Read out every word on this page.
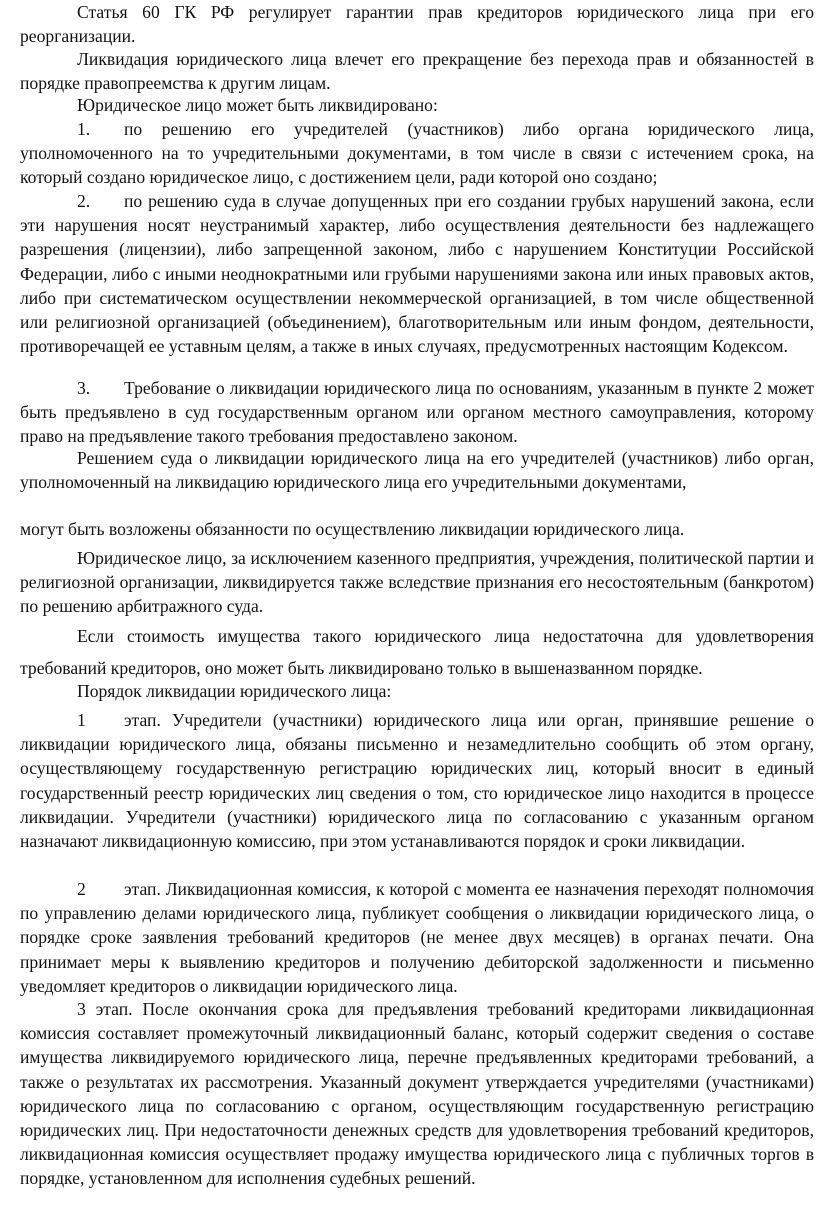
Статья 60 ГК РФ регулирует гарантии прав кредиторов юридического лица при его реорганизации.

Ликвидация юридического лица влечет его прекращение без перехода прав и обязанностей в порядке правопреемства к другим лицам.

Юридическое лицо может быть ликвидировано:

1. по решению его учредителей (участников) либо органа юридического лица, уполномоченного на то учредительными документами, в том числе в связи с истечением срока, на который создано юридическое лицо, с достижением цели, ради которой оно создано;

2. по решению суда в случае допущенных при его создании грубых нарушений закона, если эти нарушения носят неустранимый характер, либо осуществления деятельности без надлежащего разрешения (лицензии), либо запрещенной законом, либо с нарушением Конституции Российской Федерации, либо с иными неоднократными или грубыми нарушениями закона или иных правовых актов, либо при систематическом осуществлении некоммерческой организацией, в том числе общественной или религиозной организацией (объединением), благотворительным или иным фондом, деятельности, противоречащей ее уставным целям, а также в иных случаях, предусмотренных настоящим Кодексом.

3. Требование о ликвидации юридического лица по основаниям, указанным в пункте 2 может быть предъявлено в суд государственным органом или органом местного самоуправления, которому право на предъявление такого требования предоставлено законом.

Решением суда о ликвидации юридического лица на его учредителей (участников) либо орган, уполномоченный на ликвидацию юридического лица его учредительными документами,

могут быть возложены обязанности по осуществлению ликвидации юридического лица.

Юридическое лицо, за исключением казенного предприятия, учреждения, политической партии и религиозной организации, ликвидируется также вследствие признания его несостоятельным (банкротом) по решению арбитражного суда.

Если стоимость имущества такого юридического лица недостаточна для удовлетворения требований кредиторов, оно может быть ликвидировано только в вышеназванном порядке.

Порядок ликвидации юридического лица:

1 этап. Учредители (участники) юридического лица или орган, принявшие решение о ликвидации юридического лица, обязаны письменно и незамедлительно сообщить об этом органу, осуществляющему государственную регистрацию юридических лиц, который вносит в единый государственный реестр юридических лиц сведения о том, сто юридическое лицо находится в процессе ликвидации. Учредители (участники) юридического лица по согласованию с указанным органом назначают ликвидационную комиссию, при этом устанавливаются порядок и сроки ликвидации.

2 этап. Ликвидационная комиссия, к которой с момента ее назначения переходят полномочия по управлению делами юридического лица, публикует сообщения о ликвидации юридического лица, о порядке сроке заявления требований кредиторов (не менее двух месяцев) в органах печати. Она принимает меры к выявлению кредиторов и получению дебиторской задолженности и письменно уведомляет кредиторов о ликвидации юридического лица.

3 этап. После окончания срока для предъявления требований кредиторами ликвидационная комиссия составляет промежуточный ликвидационный баланс, который содержит сведения о составе имущества ликвидируемого юридического лица, перечне предъявленных кредиторами требований, а также о результатах их рассмотрения. Указанный документ утверждается учредителями (участниками) юридического лица по согласованию с органом, осуществляющим государственную регистрацию юридических лиц. При недостаточности денежных средств для удовлетворения требований кредиторов, ликвидационная комиссия осуществляет продажу имущества юридического лица с публичных торгов в порядке, установленном для исполнения судебных решений.
